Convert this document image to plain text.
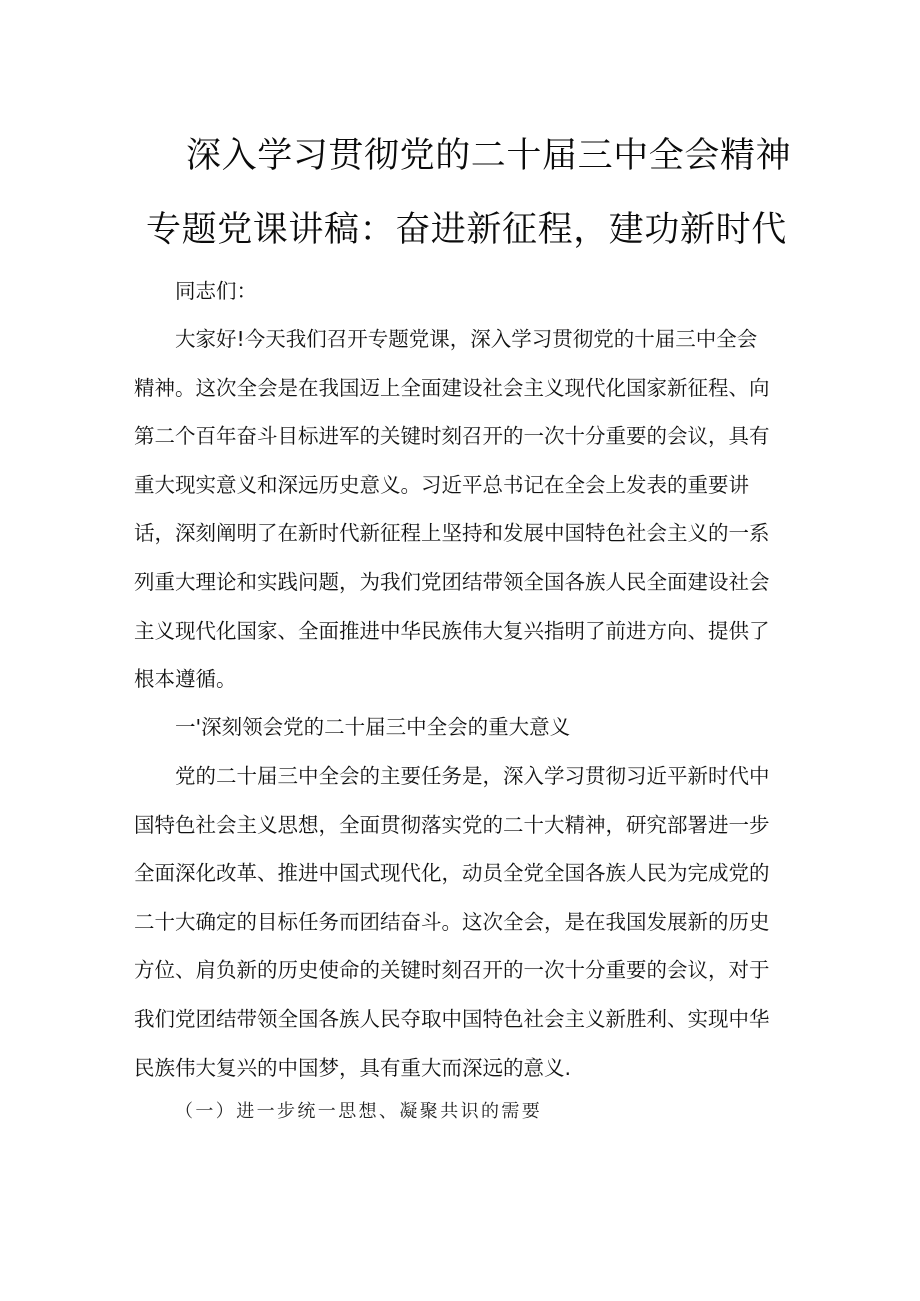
深入学习贯彻党的二十届三中全会精神
专题党课讲稿：奋进新征程，建功新时代

同志们：

大家好!今天我们召开专题党课，深入学习贯彻党的十届三中全会精神。这次全会是在我国迈上全面建设社会主义现代化国家新征程、向第二个百年奋斗目标进军的关键时刻召开的一次十分重要的会议，具有重大现实意义和深远历史意义。习近平总书记在全会上发表的重要讲话，深刻阐明了在新时代新征程上坚持和发展中国特色社会主义的一系列重大理论和实践问题，为我们党团结带领全国各族人民全面建设社会主义现代化国家、全面推进中华民族伟大复兴指明了前进方向、提供了根本遵循。

一'深刻领会党的二十届三中全会的重大意义

党的二十届三中全会的主要任务是，深入学习贯彻习近平新时代中国特色社会主义思想，全面贯彻落实党的二十大精神，研究部署进一步全面深化改革、推进中国式现代化，动员全党全国各族人民为完成党的二十大确定的目标任务而团结奋斗。这次全会，是在我国发展新的历史方位、肩负新的历史使命的关键时刻召开的一次十分重要的会议，对于我们党团结带领全国各族人民夺取中国特色社会主义新胜利、实现中华民族伟大复兴的中国梦，具有重大而深远的意义.

（一）进一步统一思想、凝聚共识的需要
